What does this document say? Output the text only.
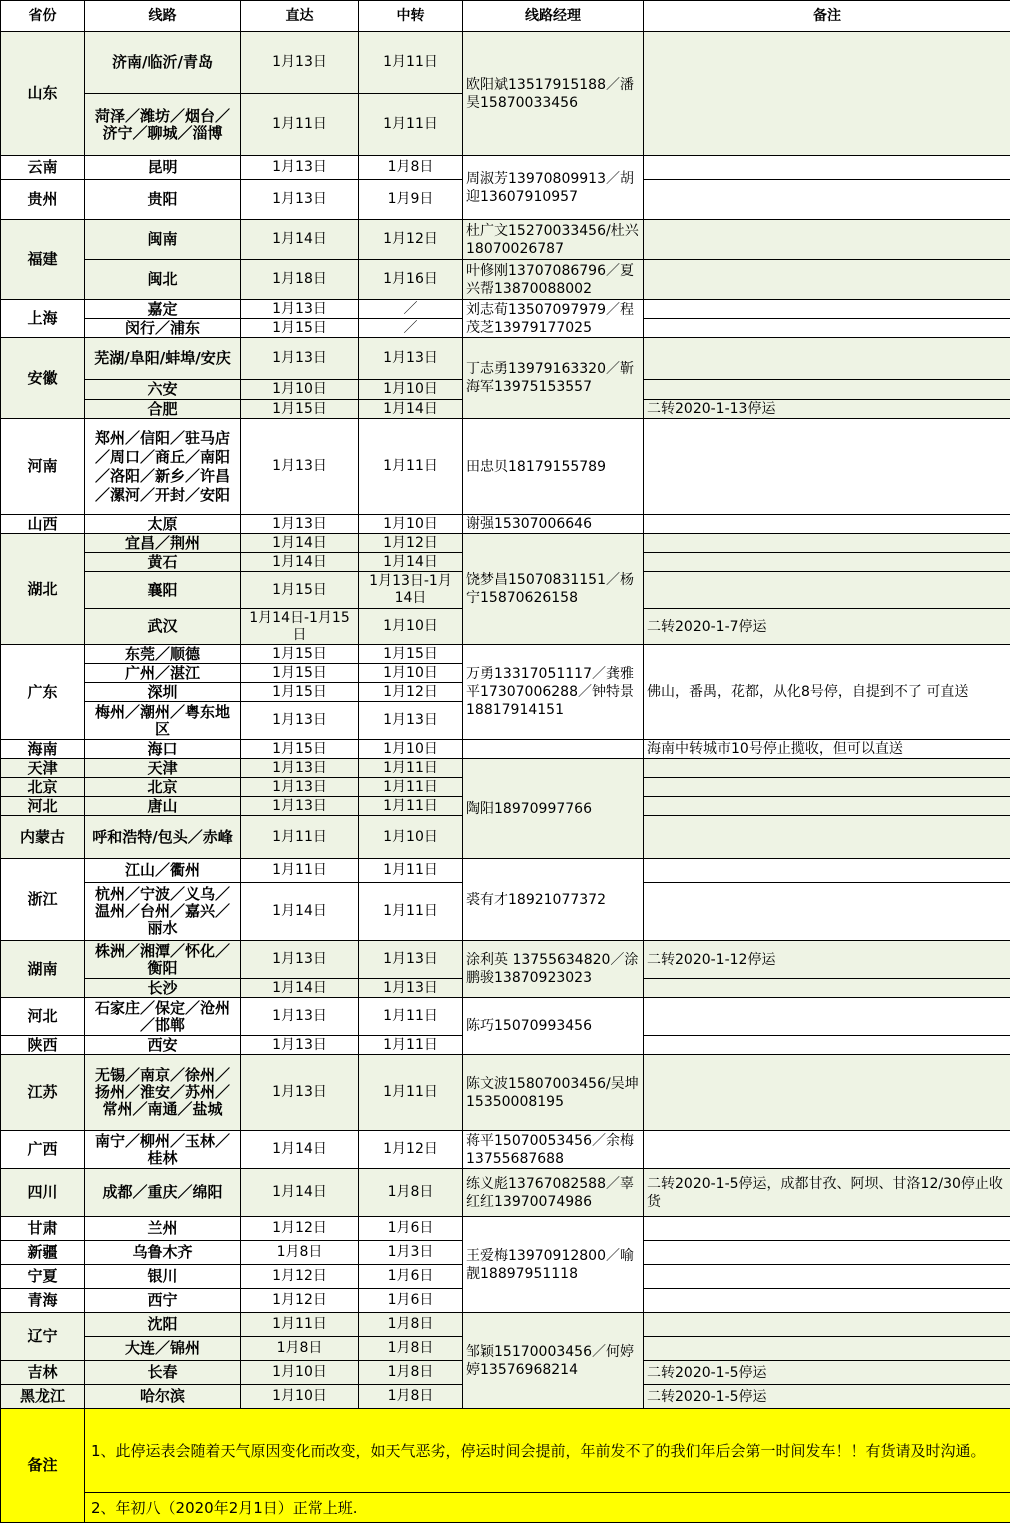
省份	线路	直达	中转	线路经理	备注
山东	济南/临沂/青岛	1月13日	1月11日	欧阳斌13517915188／潘昊15870033456	
	菏泽／潍坊／烟台／济宁／聊城／淄博	1月11日	1月11日		
云南	昆明	1月13日	1月8日	周淑芳13970809913／胡迎13607910957	
贵州	贵阳	1月13日	1月9日		
福建	闽南	1月14日	1月12日	杜广文15270033456/杜兴18070026787	
	闽北	1月18日	1月16日	叶修刚13707086796／夏兴帮13870088002	
上海	嘉定	1月13日	／	刘志荀13507097979／程茂芝13979177025	
	闵行／浦东	1月15日	／		
安徽	芜湖/阜阳/蚌埠/安庆	1月13日	1月13日	丁志勇13979163320／靳海军13975153557	
	六安	1月10日	1月10日		
	合肥	1月15日	1月14日		二转2020-1-13停运
河南	郑州／信阳／驻马店／周口／商丘／南阳／洛阳／新乡／许昌／漯河／开封／安阳	1月13日	1月11日	田忠贝18179155789	
山西	太原	1月13日	1月10日	谢强15307006646	
湖北	宜昌／荆州	1月14日	1月12日	饶梦昌15070831151／杨宁15870626158	
	黄石	1月14日	1月14日		
	襄阳	1月15日	1月13日-1月14日		
	武汉	1月14日-1月15日	1月10日		二转2020-1-7停运
广东	东莞／顺德	1月15日	1月15日	万勇13317051117／龚雅平17307006288／钟特景18817914151	佛山，番禺，花都，从化8号停，自提到不了 可直送
	广州／湛江	1月15日	1月10日		
	深圳	1月15日	1月12日		
	梅州／潮州／粤东地区	1月13日	1月13日		
海南	海口	1月15日	1月10日		海南中转城市10号停止揽收，但可以直送
天津	天津	1月13日	1月11日	陶阳18970997766	
北京	北京	1月13日	1月11日		
河北	唐山	1月13日	1月11日		
内蒙古	呼和浩特/包头／赤峰	1月11日	1月10日		
浙江	江山／衢州	1月11日	1月11日	裘有才18921077372	
	杭州／宁波／义乌／温州／台州／嘉兴／丽水	1月14日	1月11日		
湖南	株洲／湘潭／怀化／衡阳	1月13日	1月13日	涂利英 13755634820／涂鹏骏13870923023	二转2020-1-12停运
	长沙	1月14日	1月13日		
河北	石家庄／保定／沧州／邯郸	1月13日	1月11日	陈巧15070993456	
陕西	西安	1月13日	1月11日		
江苏	无锡／南京／徐州／扬州／淮安／苏州／常州／南通／盐城	1月13日	1月11日	陈文波15807003456/吴坤15350008195	
广西	南宁／柳州／玉林／桂林	1月14日	1月12日	蒋平15070053456／余梅13755687688	
四川	成都／重庆／绵阳	1月14日	1月8日	练义彪13767082588／辜红红13970074986	二转2020-1-5停运，成都甘孜、阿坝、甘洛12/30停止收货
甘肃	兰州	1月12日	1月6日	王爱梅13970912800／喻靓18897951118	
新疆	乌鲁木齐	1月8日	1月3日		
宁夏	银川	1月12日	1月6日		
青海	西宁	1月12日	1月6日		
辽宁	沈阳	1月11日	1月8日	邹颖15170003456／何婷婷13576968214	
	大连／锦州	1月8日	1月8日		
吉林	长春	1月10日	1月8日		二转2020-1-5停运
黑龙江	哈尔滨	1月10日	1月8日		二转2020-1-5停运
备注	1、此停运表会随着天气原因变化而改变，如天气恶劣，停运时间会提前，年前发不了的我们年后会第一时间发车！！有货请及时沟通。				
	2、年初八（2020年2月1日）正常上班.				
